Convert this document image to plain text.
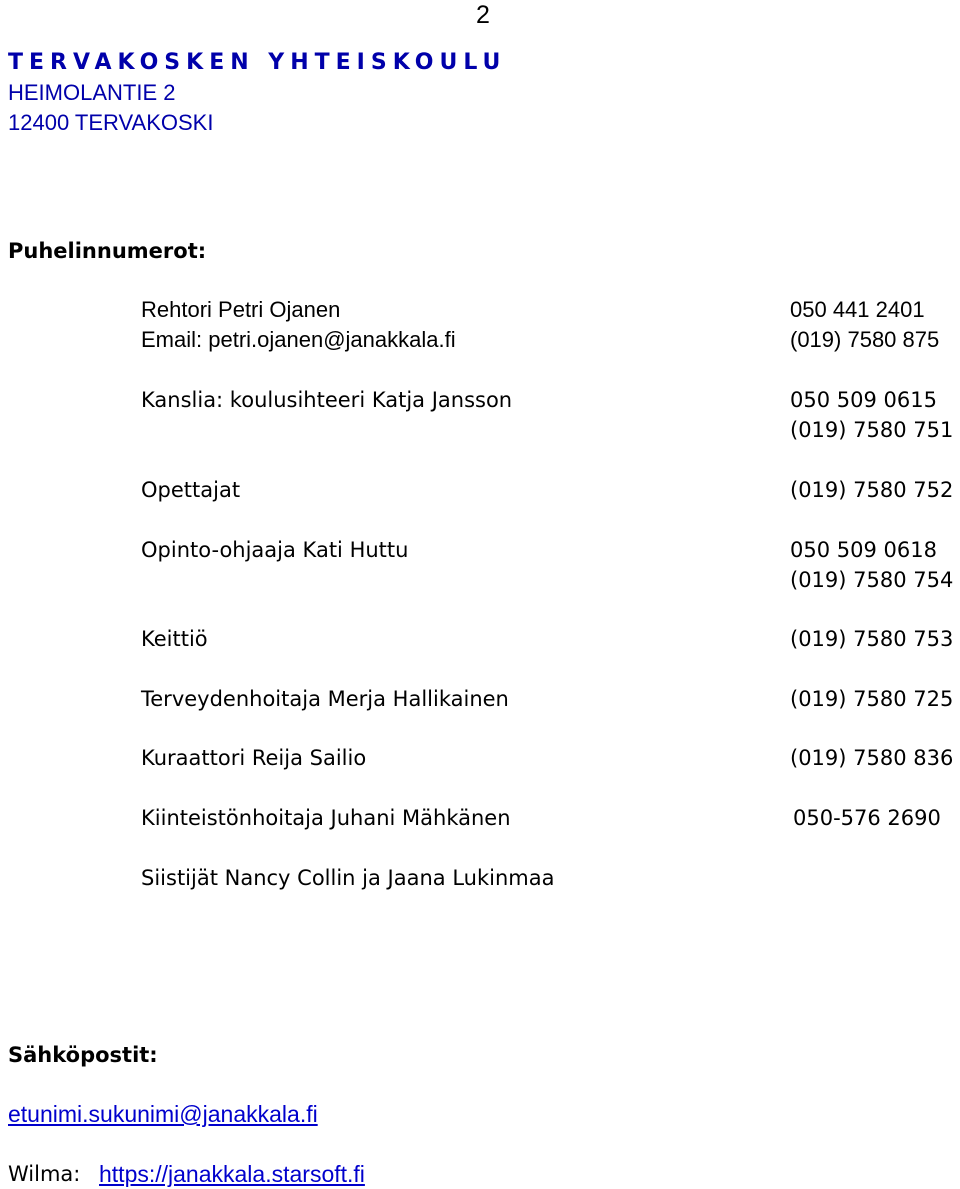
2
TERVAKOSKEN YHTEISKOULU
HEIMOLANTIE 2
12400 TERVAKOSKI
Puhelinnumerot:
Rehtori Petri Ojanen	050 441 2401
Email: petri.ojanen@janakkala.fi	(019) 7580 875
Kanslia: koulusihteeri Katja Jansson	050 509 0615
(019) 7580 751
Opettajat	(019) 7580 752
Opinto-ohjaaja Kati Huttu	050 509 0618
(019) 7580 754
Keittiö	(019) 7580 753
Terveydenhoitaja Merja Hallikainen	(019) 7580 725
Kuraattori Reija Sailio	(019) 7580 836
Kiinteistönhoitaja Juhani Mähkänen	050-576 2690
Siistijät Nancy Collin ja Jaana Lukinmaa
Sähköpostit:
etunimi.sukunimi@janakkala.fi
Wilma: https://janakkala.starsoft.fi
